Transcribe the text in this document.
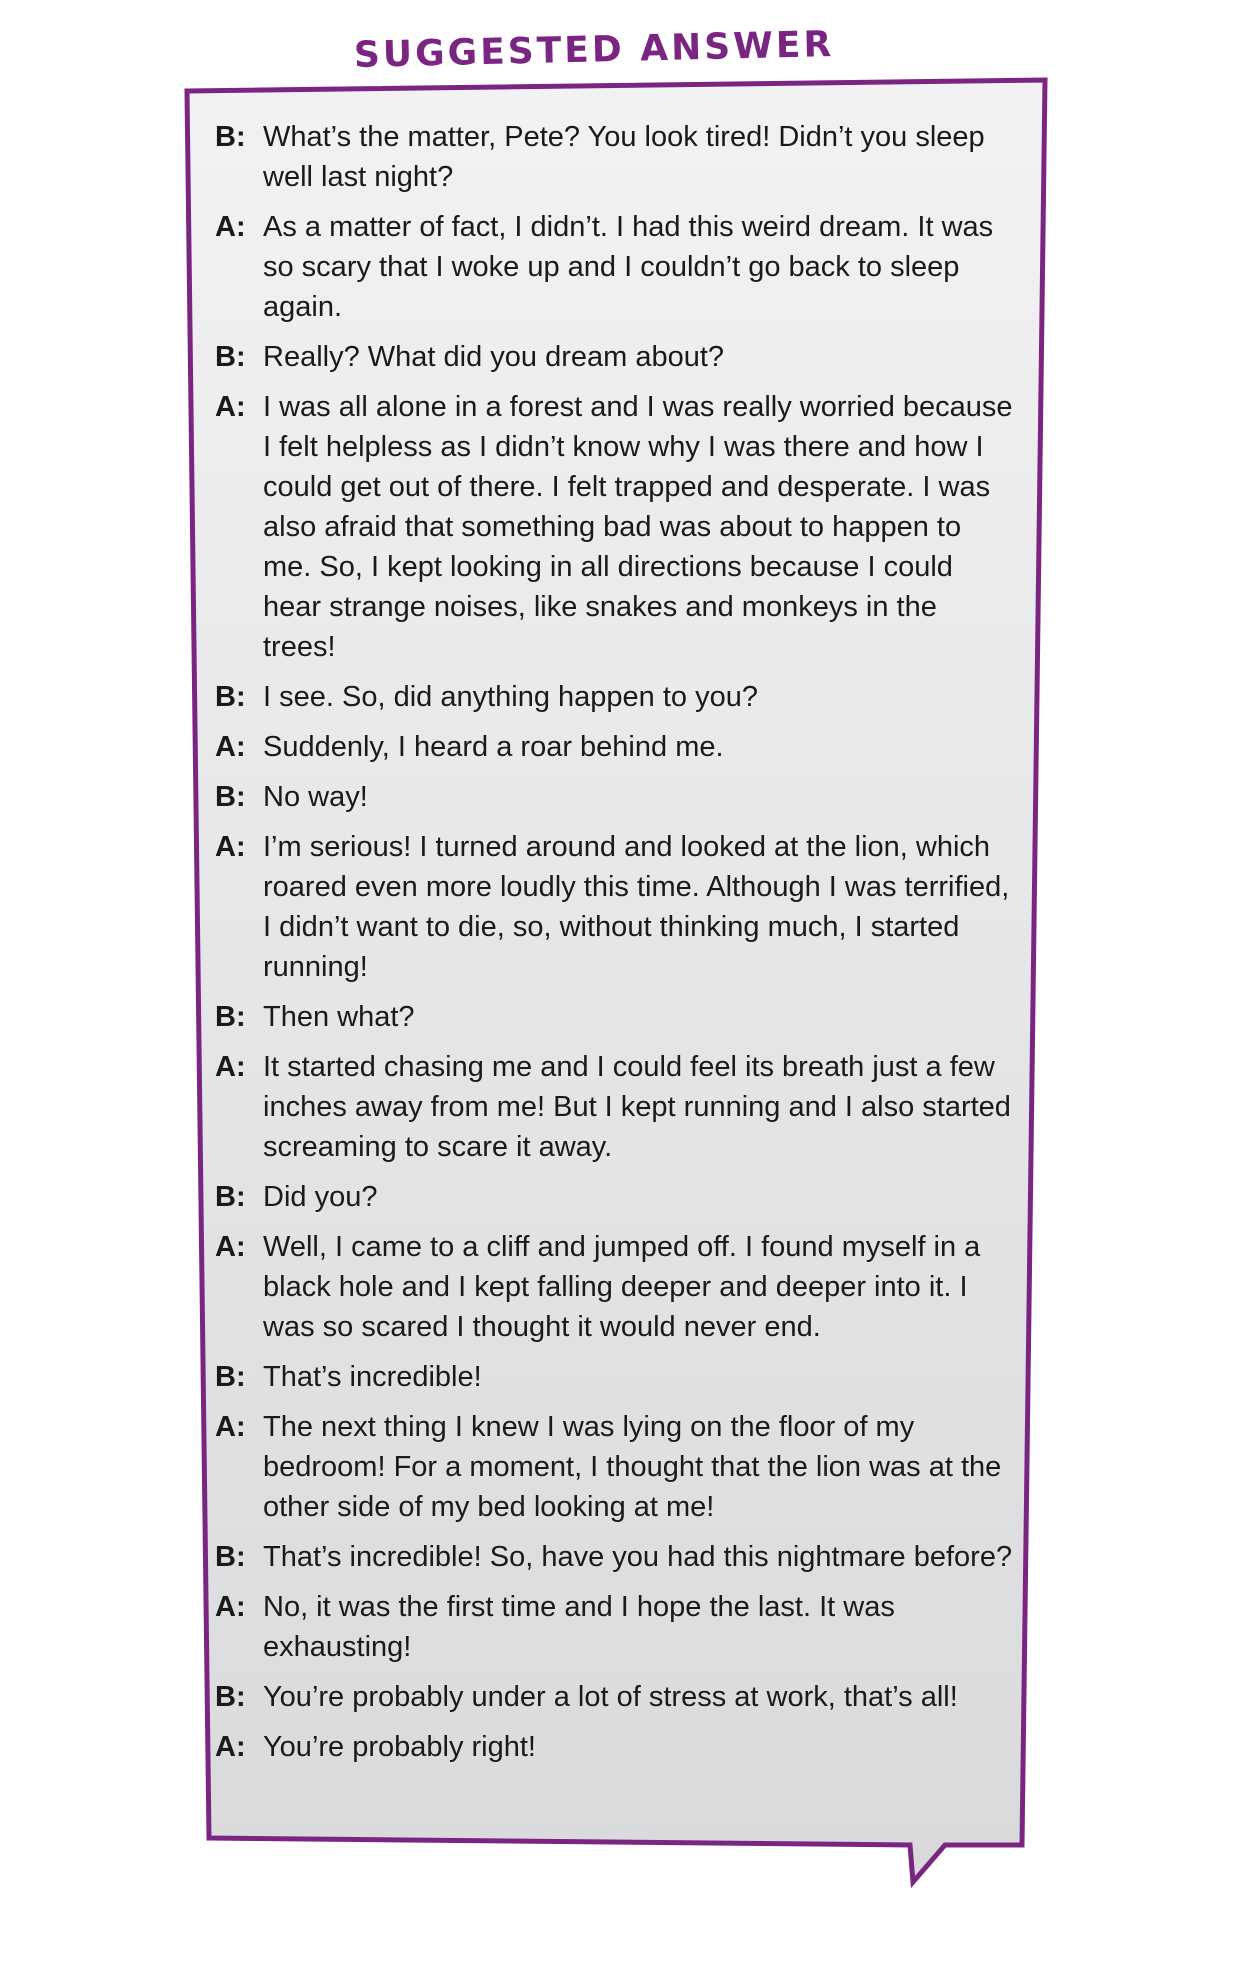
SUGGESTED ANSWER
B: What’s the matter, Pete? You look tired! Didn’t you sleep well last night?
A: As a matter of fact, I didn’t. I had this weird dream. It was so scary that I woke up and I couldn’t go back to sleep again.
B: Really? What did you dream about?
A: I was all alone in a forest and I was really worried because I felt helpless as I didn’t know why I was there and how I could get out of there. I felt trapped and desperate. I was also afraid that something bad was about to happen to me. So, I kept looking in all directions because I could hear strange noises, like snakes and monkeys in the trees!
B: I see. So, did anything happen to you?
A: Suddenly, I heard a roar behind me.
B: No way!
A: I’m serious! I turned around and looked at the lion, which roared even more loudly this time. Although I was terrified, I didn’t want to die, so, without thinking much, I started running!
B: Then what?
A: It started chasing me and I could feel its breath just a few inches away from me! But I kept running and I also started screaming to scare it away.
B: Did you?
A: Well, I came to a cliff and jumped off. I found myself in a black hole and I kept falling deeper and deeper into it. I was so scared I thought it would never end.
B: That’s incredible!
A: The next thing I knew I was lying on the floor of my bedroom! For a moment, I thought that the lion was at the other side of my bed looking at me!
B: That’s incredible! So, have you had this nightmare before?
A: No, it was the first time and I hope the last. It was exhausting!
B: You’re probably under a lot of stress at work, that’s all!
A: You’re probably right!
